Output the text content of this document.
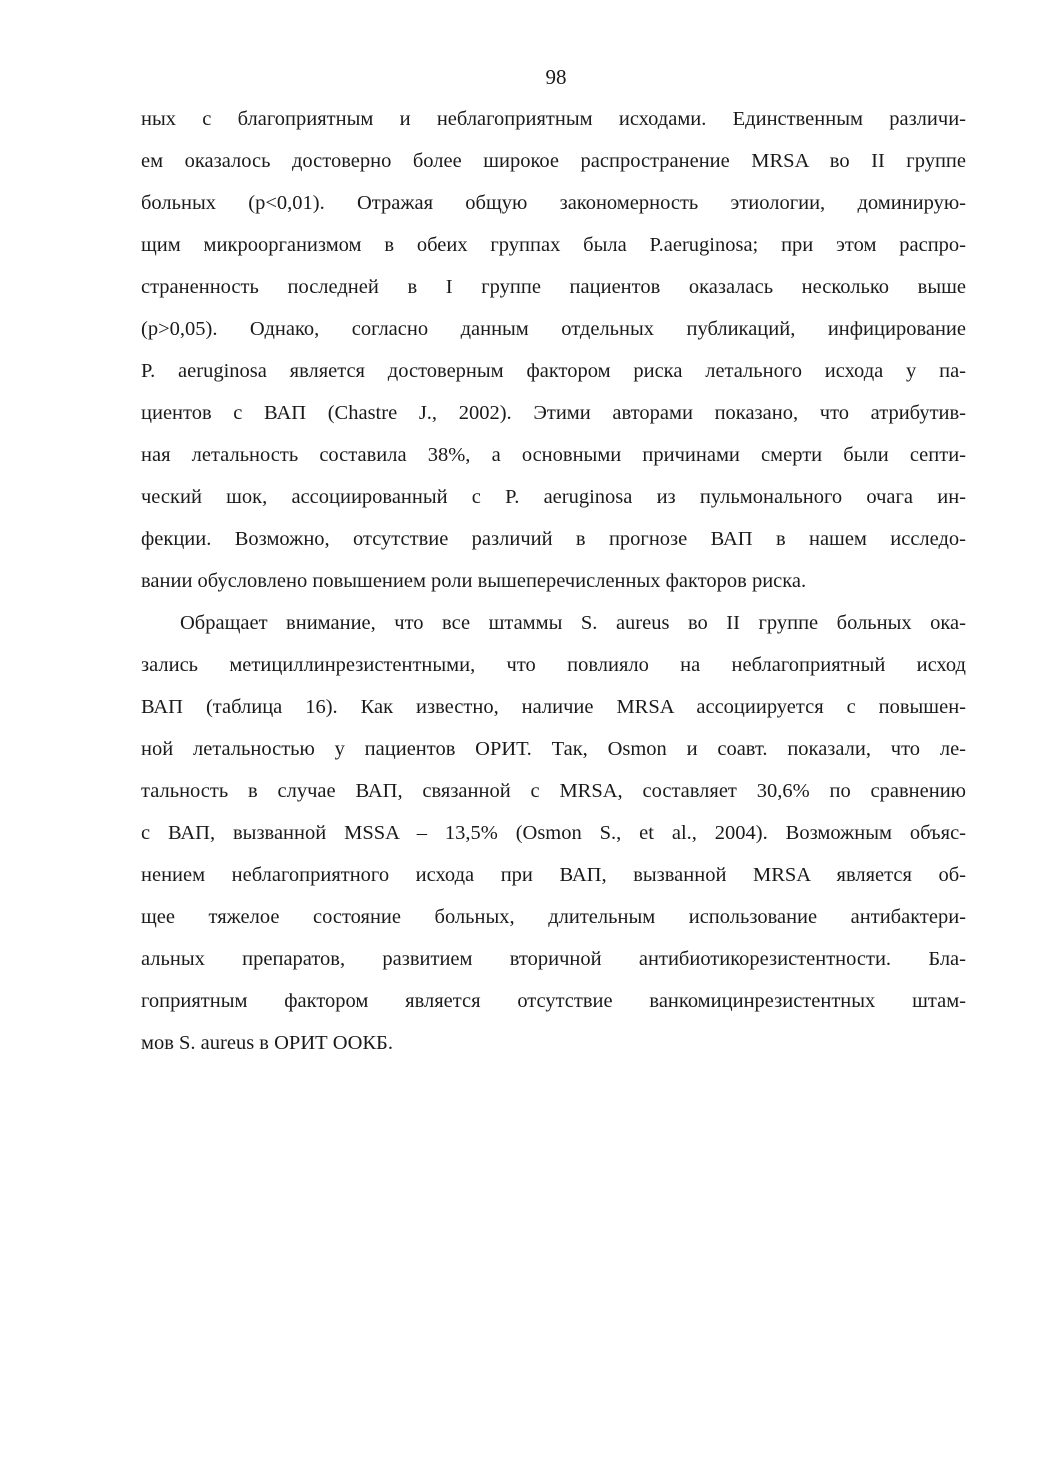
98

ных с благоприятным и неблагоприятным исходами. Единственным различи-
ем оказалось достоверно более широкое распространение MRSA во II группе
больных (р<0,01). Отражая общую закономерность этиологии, доминирую-
щим микроорганизмом в обеих группах была P.aeruginosa; при этом распро-
страненность последней в I группе пациентов оказалась несколько выше
(р>0,05). Однако, согласно данным отдельных публикаций, инфицирование
P. aeruginosa является достоверным фактором риска летального исхода у па-
циентов с ВАП (Chastre J., 2002). Этими авторами показано, что атрибутив-
ная летальность составила 38%, а основными причинами смерти были септи-
ческий шок, ассоциированный с P. aeruginosa из пульмонального очага ин-
фекции. Возможно, отсутствие различий в прогнозе ВАП в нашем исследо-
вании обусловлено повышением роли вышеперечисленных факторов риска.

Обращает внимание, что все штаммы S. aureus во II группе больных ока-
зались метициллинрезистентными, что повлияло на неблагоприятный исход
ВАП (таблица 16). Как известно, наличие MRSA ассоциируется с повышен-
ной летальностью у пациентов ОРИТ. Так, Osmon и соавт. показали, что ле-
тальность в случае ВАП, связанной с MRSA, составляет 30,6% по сравнению
с ВАП, вызванной MSSA – 13,5% (Osmon S., et al., 2004). Возможным объяс-
нением неблагоприятного исхода при ВАП, вызванной MRSA является об-
щее тяжелое состояние больных, длительным использование антибактери-
альных препаратов, развитием вторичной антибиотикорезистентности. Бла-
гоприятным фактором является отсутствие ванкомицинрезистентных штам-
мов S. aureus в ОРИТ ООКБ.
